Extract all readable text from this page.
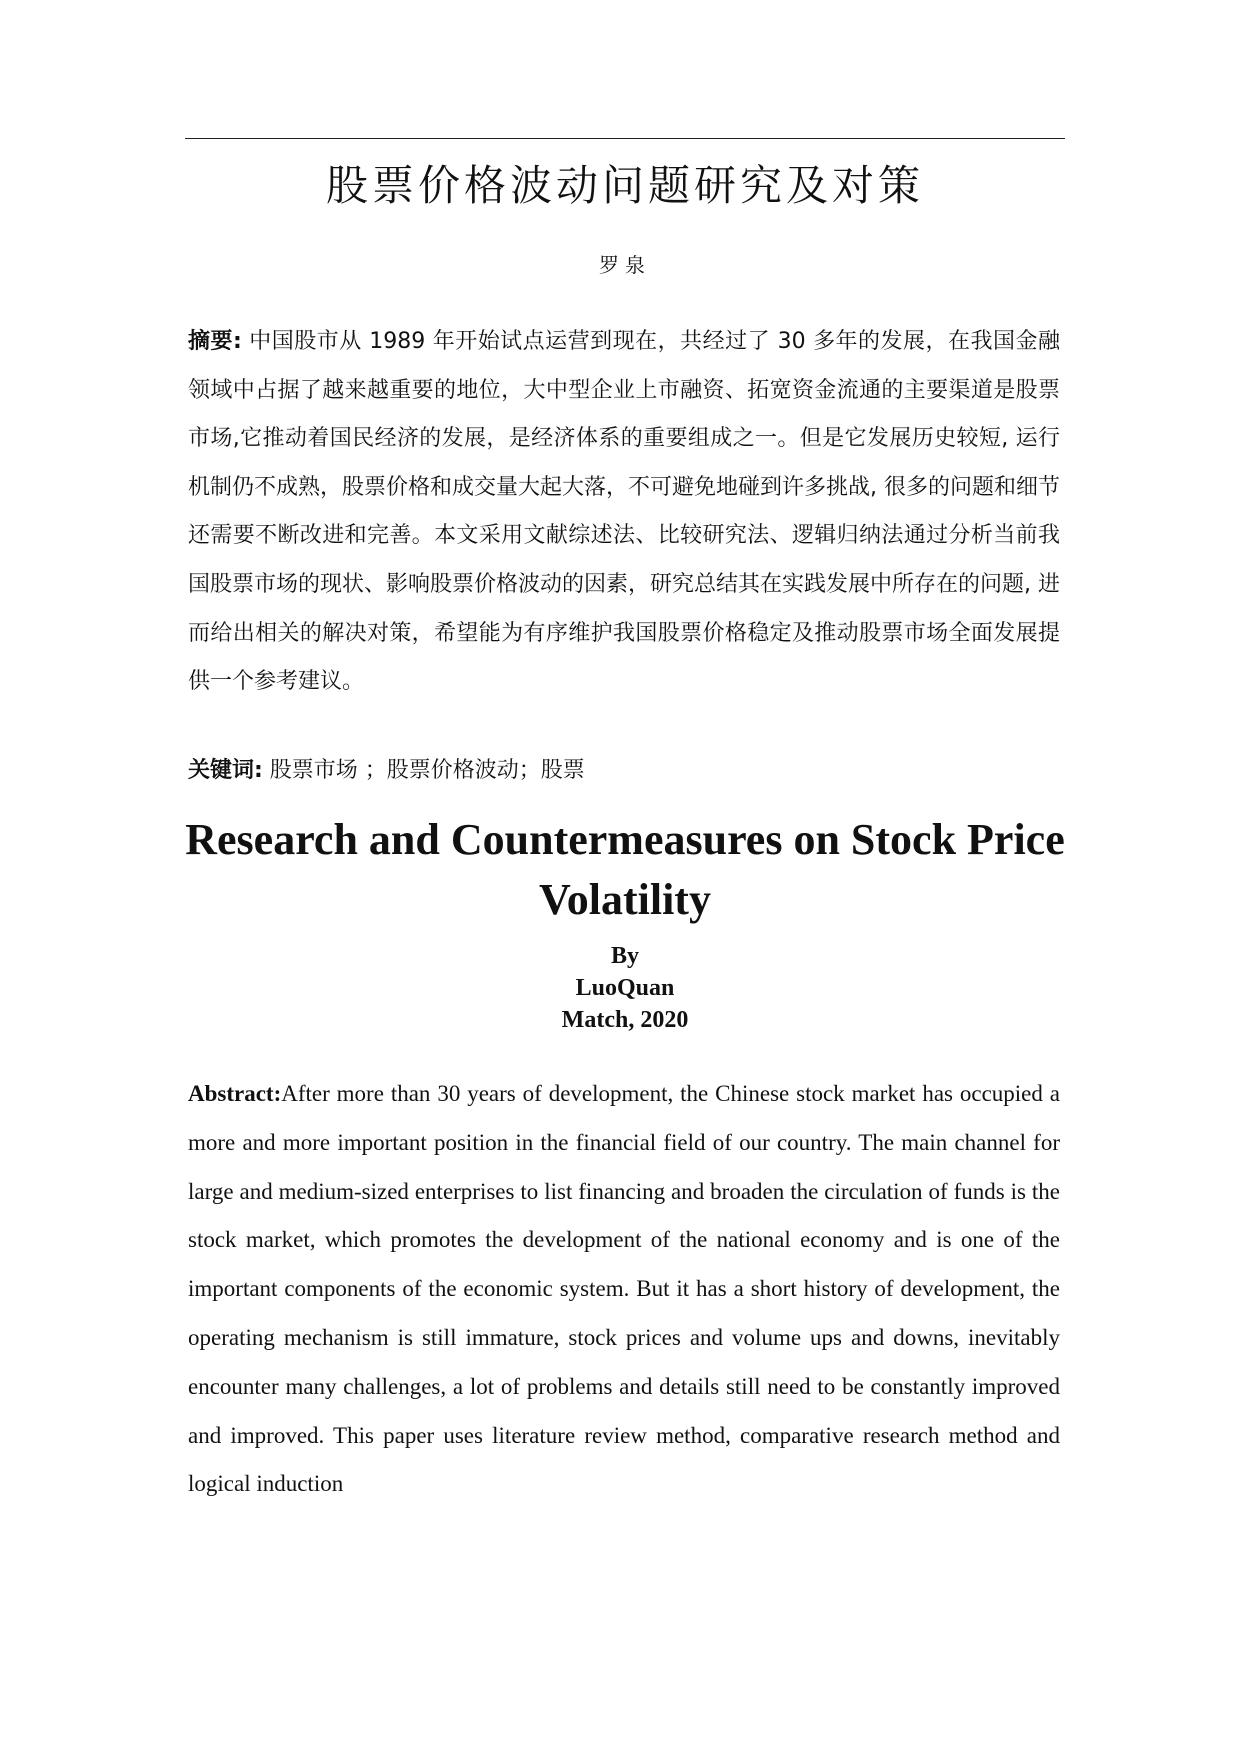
股票价格波动问题研究及对策
罗泉

摘要: 中国股市从 1989 年开始试点运营到现在，共经过了 30 多年的发展，在我国金融领域中占据了越来越重要的地位，大中型企业上市融资、拓宽资金流通的主要渠道是股票市场,它推动着国民经济的发展，是经济体系的重要组成之一。但是它发展历史较短, 运行机制仍不成熟，股票价格和成交量大起大落，不可避免地碰到许多挑战, 很多的问题和细节还需要不断改进和完善。本文采用文献综述法、比较研究法、逻辑归纳法通过分析当前我国股票市场的现状、影响股票价格波动的因素，研究总结其在实践发展中所存在的问题, 进而给出相关的解决对策，希望能为有序维护我国股票价格稳定及推动股票市场全面发展提供一个参考建议。

关键词: 股票市场 ；股票价格波动；股票
Research and Countermeasures on Stock Price Volatility
By
LuoQuan
Match, 2020

Abstract:After more than 30 years of development, the Chinese stock market has occupied a more and more important position in the financial field of our country. The main channel for large and medium-sized enterprises to list financing and broaden the circulation of funds is the stock market, which promotes the development of the national economy and is one of the important components of the economic system. But it has a short history of development, the operating mechanism is still immature, stock prices and volume ups and downs, inevitably encounter many challenges, a lot of problems and details still need to be constantly improved and improved. This paper uses literature review method, comparative research method and logical induction
